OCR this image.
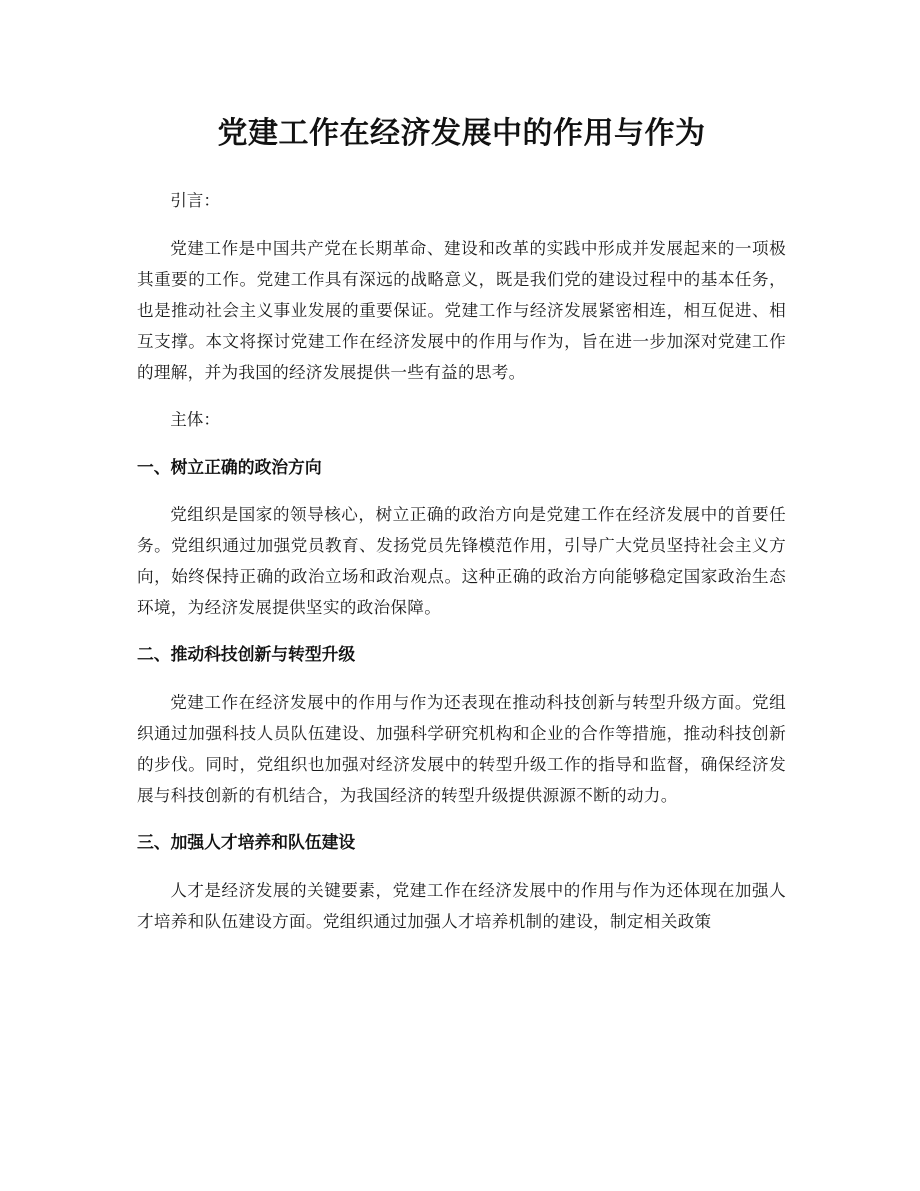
党建工作在经济发展中的作用与作为

引言：

党建工作是中国共产党在长期革命、建设和改革的实践中形成并发展起来的一项极其重要的工作。党建工作具有深远的战略意义，既是我们党的建设过程中的基本任务，也是推动社会主义事业发展的重要保证。党建工作与经济发展紧密相连，相互促进、相互支撑。本文将探讨党建工作在经济发展中的作用与作为，旨在进一步加深对党建工作的理解，并为我国的经济发展提供一些有益的思考。

主体：

一、树立正确的政治方向

党组织是国家的领导核心，树立正确的政治方向是党建工作在经济发展中的首要任务。党组织通过加强党员教育、发扬党员先锋模范作用，引导广大党员坚持社会主义方向，始终保持正确的政治立场和政治观点。这种正确的政治方向能够稳定国家政治生态环境，为经济发展提供坚实的政治保障。

二、推动科技创新与转型升级

党建工作在经济发展中的作用与作为还表现在推动科技创新与转型升级方面。党组织通过加强科技人员队伍建设、加强科学研究机构和企业的合作等措施，推动科技创新的步伐。同时，党组织也加强对经济发展中的转型升级工作的指导和监督，确保经济发展与科技创新的有机结合，为我国经济的转型升级提供源源不断的动力。

三、加强人才培养和队伍建设

人才是经济发展的关键要素，党建工作在经济发展中的作用与作为还体现在加强人才培养和队伍建设方面。党组织通过加强人才培养机制的建设，制定相关政策
